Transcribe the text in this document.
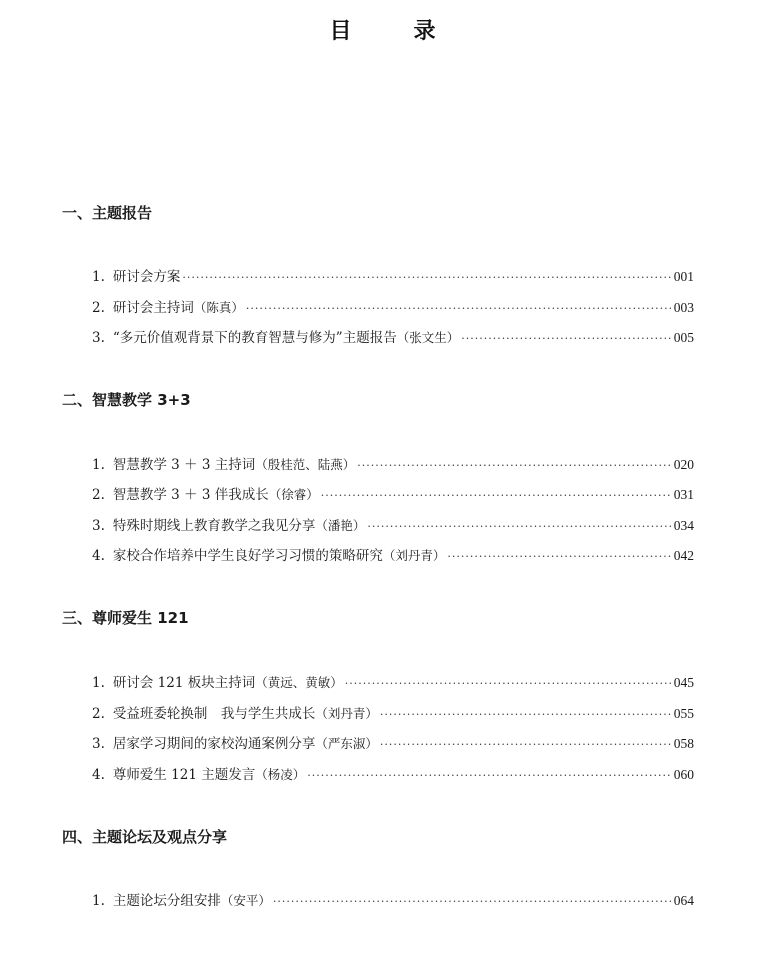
目　录
一、主题报告
1. 研讨会方案 ·····	001
2. 研讨会主持词 （陈真） ·····	003
3. “多元价值观背景下的教育智慧与修为”主题报告 （张文生） ·····	005
二、智慧教学 3+3
1. 智慧教学 3 ＋ 3 主持词 （殷桂范、陆燕） ·····	020
2. 智慧教学 3 ＋ 3 伴我成长 （徐睿） ·····	031
3. 特殊时期线上教育教学之我见分享 （潘艳） ·····	034
4. 家校合作培养中学生良好学习习惯的策略研究 （刘丹青） ·····	042
三、尊师爱生 121
1. 研讨会 121 板块主持词 （黄远、黄敏） ·····	045
2. 受益班委轮换制　我与学生共成长 （刘丹青） ·····	055
3. 居家学习期间的家校沟通案例分享 （严东淑） ·····	058
4. 尊师爱生 121 主题发言 （杨凌） ·····	060
四、主题论坛及观点分享
1. 主题论坛分组安排 （安平） ·····	064
